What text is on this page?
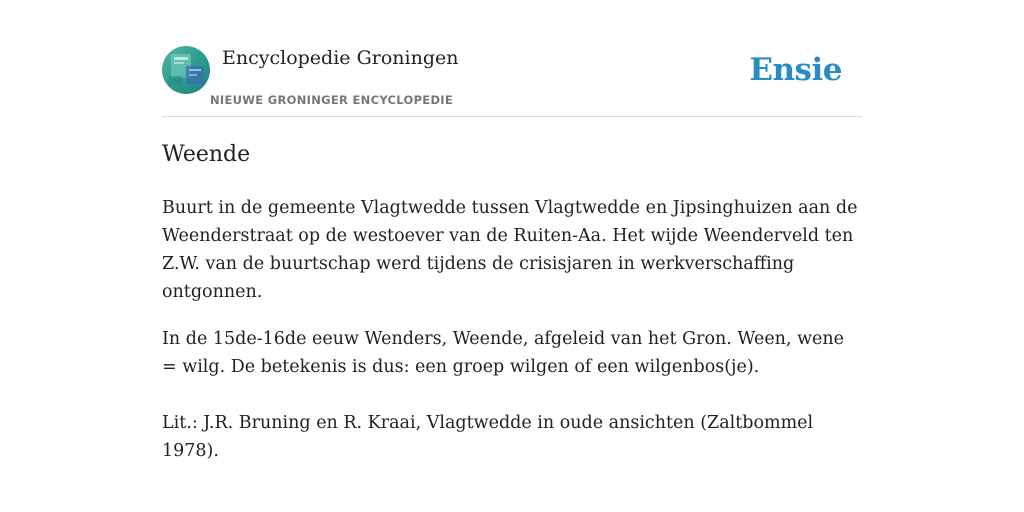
Encyclopedie Groningen
NIEUWE GRONINGER ENCYCLOPEDIE
Ensie
Weende

Buurt in de gemeente Vlagtwedde tussen Vlagtwedde en Jipsinghuizen aan de Weenderstraat op de westoever van de Ruiten-Aa. Het wijde Weenderveld ten Z.W. van de buurtschap werd tijdens de crisisjaren in werkverschaffing ontgonnen.

In de 15de-16de eeuw Wenders, Weende, afgeleid van het Gron. Ween, wene = wilg. De betekenis is dus: een groep wilgen of een wilgenbos(je).

Lit.: J.R. Bruning en R. Kraai, Vlagtwedde in oude ansichten (Zaltbommel 1978).
